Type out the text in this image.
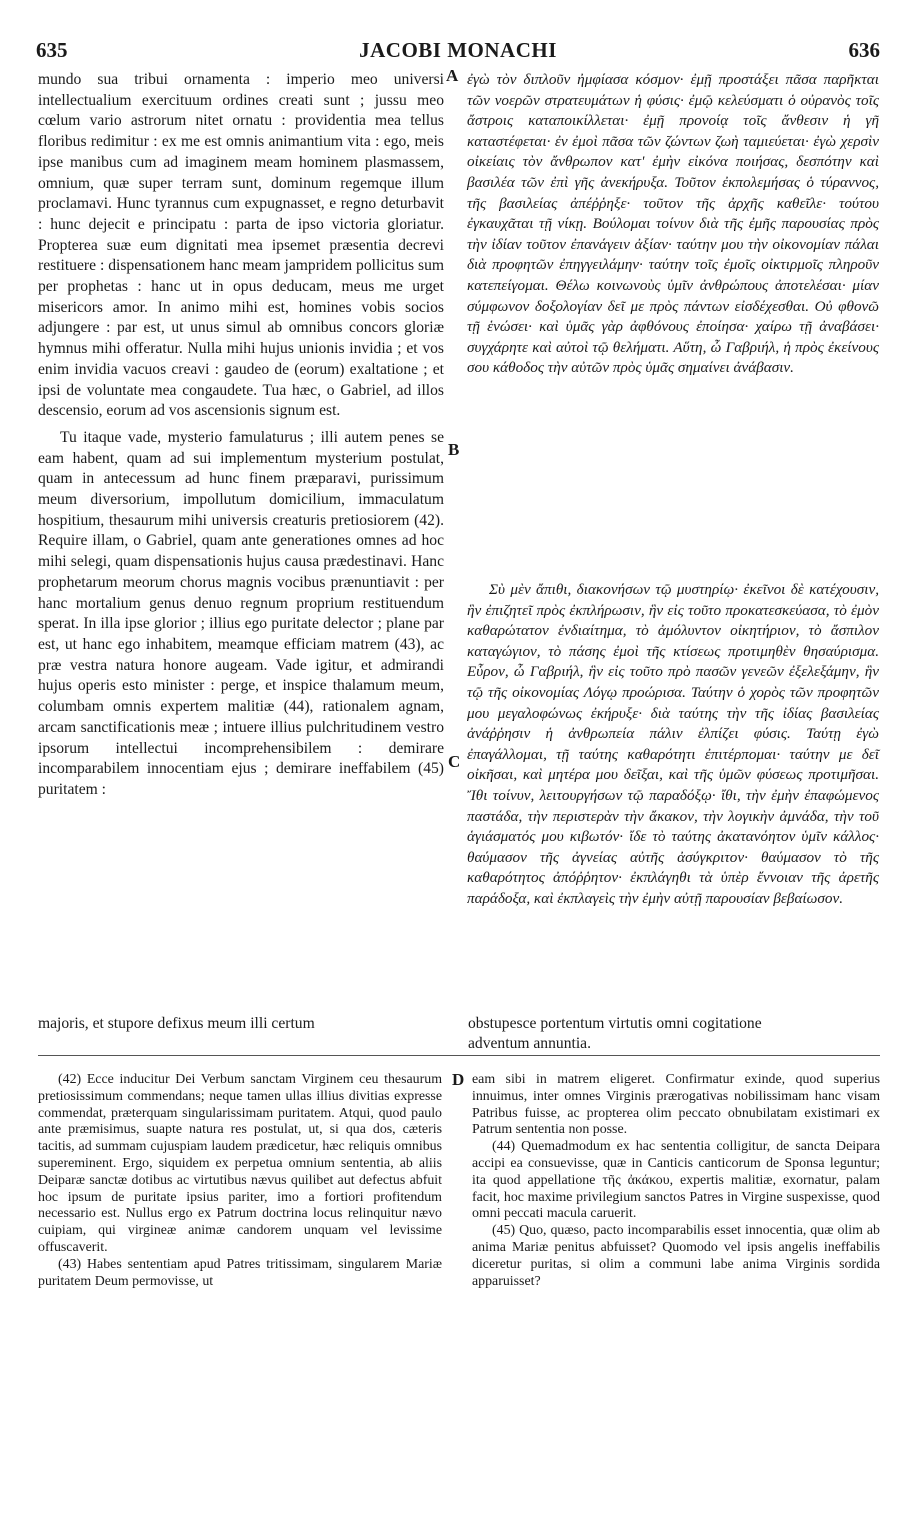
635	JACOBI MONACHI	636
A
B
C
D

mundo sua tribui ornamenta : imperio meo universi intellectualium exercituum ordines creati sunt ; jussu meo cœlum vario astrorum nitet ornatu : providentia mea tellus floribus redimitur : ex me est omnis animantium vita : ego, meis ipse manibus cum ad imaginem meam hominem plasmassem, omnium, quæ super terram sunt, dominum regemque illum proclamavi. Hunc tyrannus cum expugnasset, e regno deturbavit : hunc dejecit e principatu : parta de ipso victoria gloriatur. Propterea suæ eum dignitati mea ipsemet præsentia decrevi restituere : dispensationem hanc meam jampridem pollicitus sum per prophetas : hanc ut in opus deducam, meus me urget misericors amor. In animo mihi est, homines vobis socios adjungere : par est, ut unus simul ab omnibus concors gloriæ hymnus mihi offeratur. Nulla mihi hujus unionis invidia ; et vos enim invidia vacuos creavi : gaudeo de (eorum) exaltatione ; et ipsi de voluntate mea congaudete. Tua hæc, o Gabriel, ad illos descensio, eorum ad vos ascensionis signum est.

Tu itaque vade, mysterio famulaturus ; illi autem penes se eam habent, quam ad sui implementum mysterium postulat, quam in antecessum ad hunc finem præparavi, purissimum meum diversorium, impollutum domicilium, immaculatum hospitium, thesaurum mihi universis creaturis pretiosiorem (42). Require illam, o Gabriel, quam ante generationes omnes ad hoc mihi selegi, quam dispensationis hujus causa prædestinavi. Hanc prophetarum meorum chorus magnis vocibus prænuntiavit : per hanc mortalium genus denuo regnum proprium restituendum sperat. In illa ipse glorior ; illius ego puritate delector ; plane par est, ut hanc ego inhabitem, meamque efficiam matrem (43), ac præ vestra natura honore augeam. Vade igitur, et admirandi hujus operis esto minister : perge, et inspice thalamum meum, columbam omnis expertem malitiæ (44), rationalem agnam, arcam sanctificationis meæ ; intuere illius pulchritudinem vestro ipsorum intellectui incomprehensibilem : demirare incomparabilem innocentiam ejus ; demirare ineffabilem (45) puritatem :

ἐγὼ τὸν διπλοῦν ἠμφίασα κόσμον· ἐμῇ προστάξει πᾶσα παρῆκται τῶν νοερῶν στρατευμάτων ἡ φύσις· ἐμῷ κελεύσματι ὁ οὐρανὸς τοῖς ἄστροις καταποικίλλεται· ἐμῇ προνοίᾳ τοῖς ἄνθεσιν ἡ γῆ καταστέφεται· ἐν ἐμοὶ πᾶσα τῶν ζώντων ζωὴ ταμιεύεται· ἐγὼ χερσὶν οἰκείαις τὸν ἄνθρωπον κατ' ἐμὴν εἰκόνα ποιήσας, δεσπότην καὶ βασιλέα τῶν ἐπὶ γῆς ἀνεκήρυξα. Τοῦτον ἐκπολεμήσας ὁ τύραννος, τῆς βασιλείας ἀπέῤῥηξε· τοῦτον τῆς ἀρχῆς καθεῖλε· τούτου ἐγκαυχᾶται τῇ νίκῃ. Βούλομαι τοίνυν διὰ τῆς ἐμῆς παρουσίας πρὸς τὴν ἰδίαν τοῦτον ἐπανάγειν ἀξίαν· ταύτην μου τὴν οἰκονομίαν πάλαι διὰ προφητῶν ἐπηγγειλάμην· ταύτην τοῖς ἐμοῖς οἰκτιρμοῖς πληροῦν κατεπείγομαι. Θέλω κοινωνοὺς ὑμῖν ἀνθρώπους ἀποτελέσαι· μίαν σύμφωνον δοξολογίαν δεῖ με πρὸς πάντων εἰσδέχεσθαι. Οὐ φθονῶ τῇ ἑνώσει· καὶ ὑμᾶς γὰρ ἀφθόνους ἐποίησα· χαίρω τῇ ἀναβάσει· συγχάρητε καὶ αὐτοὶ τῷ θελήματι. Αὕτη, ὦ Γαβριήλ, ἡ πρὸς ἐκείνους σου κάθοδος τὴν αὐτῶν πρὸς ὑμᾶς σημαίνει ἀνάβασιν.

Σὺ μὲν ἄπιθι, διακονήσων τῷ μυστηρίῳ· ἐκεῖνοι δὲ κατέχουσιν, ἣν ἐπιζητεῖ πρὸς ἐκπλήρωσιν, ἣν εἰς τοῦτο προκατεσκεύασα, τὸ ἐμὸν καθαρώτατον ἐνδιαίτημα, τὸ ἀμόλυντον οἰκητήριον, τὸ ἄσπιλον καταγώγιον, τὸ πάσης ἐμοὶ τῆς κτίσεως προτιμηθὲν θησαύρισμα. Εὗρον, ὦ Γαβριήλ, ἣν εἰς τοῦτο πρὸ πασῶν γενεῶν ἐξελεξάμην, ἣν τῷ τῆς οἰκονομίας Λόγῳ προώρισα. Ταύτην ὁ χορὸς τῶν προφητῶν μου μεγαλοφώνως ἐκήρυξε· διὰ ταύτης τὴν τῆς ἰδίας βασιλείας ἀνάῤῥησιν ἡ ἀνθρωπεία πάλιν ἐλπίζει φύσις. Ταύτῃ ἐγὼ ἐπαγάλλομαι, τῇ ταύτης καθαρότητι ἐπιτέρπομαι· ταύτην με δεῖ οἰκῆσαι, καὶ μητέρα μου δεῖξαι, καὶ τῆς ὑμῶν φύσεως προτιμῆσαι. Ἴθι τοίνυν, λειτουργήσων τῷ παραδόξῳ· ἴθι, τὴν ἐμὴν ἐπαφώμενος παστάδα, τὴν περιστερὰν τὴν ἄκακον, τὴν λογικὴν ἀμνάδα, τὴν τοῦ ἁγιάσματός μου κιβωτόν· ἴδε τὸ ταύτης ἀκατανόητον ὑμῖν κάλλος· θαύμασον τῆς ἀγνείας αὐτῆς ἀσύγκριτον· θαύμασον τὸ τῆς καθαρότητος ἀπόῤῥητον· ἐκπλάγηθι τὰ ὑπὲρ ἔννοιαν τῆς ἀρετῆς παράδοξα, καὶ ἐκπλαγεὶς τὴν ἐμὴν αὐτῇ παρουσίαν βεβαίωσον.

majoris, et stupore defixus meum illi certum	obstupesce portentum virtutis omni cogitatione
adventum annuntia.

(42) Ecce inducitur Dei Verbum sanctam Virginem ceu thesaurum pretiosissimum commendans; neque tamen ullas illius divitias expresse commendat, præterquam singularissimam puritatem. Atqui, quod paulo ante præmisimus, suapte natura res postulat, ut, si qua dos, cæteris tacitis, ad summam cujuspiam laudem prædicetur, hæc reliquis omnibus supereminent. Ergo, siquidem ex perpetua omnium sententia, ab aliis Deiparæ sanctæ dotibus ac virtutibus nævus quilibet aut defectus abfuit hoc ipsum de puritate ipsius pariter, imo a fortiori profitendum necessario est. Nullus ergo ex Patrum doctrina locus relinquitur nævo cuipiam, qui virgineæ animæ candorem unquam vel levissime offuscaverit.

(43) Habes sententiam apud Patres tritissimam, singularem Mariæ puritatem Deum permovisse, ut

eam sibi in matrem eligeret. Confirmatur exinde, quod superius innuimus, inter omnes Virginis prærogativas nobilissimam hanc visam Patribus fuisse, ac propterea olim peccato obnubilatam existimari ex Patrum sententia non posse.

(44) Quemadmodum ex hac sententia colligitur, de sancta Deipara accipi ea consuevisse, quæ in Canticis canticorum de Sponsa leguntur; ita quod appellatione τῆς ἀκάκου, expertis malitiæ, exornatur, palam facit, hoc maxime privilegium sanctos Patres in Virgine suspexisse, quod omni peccati macula caruerit.

(45) Quo, quæso, pacto incomparabilis esset innocentia, quæ olim ab anima Mariæ penitus abfuisset? Quomodo vel ipsis angelis ineffabilis diceretur puritas, si olim a communi labe anima Virginis sordida apparuisset?
